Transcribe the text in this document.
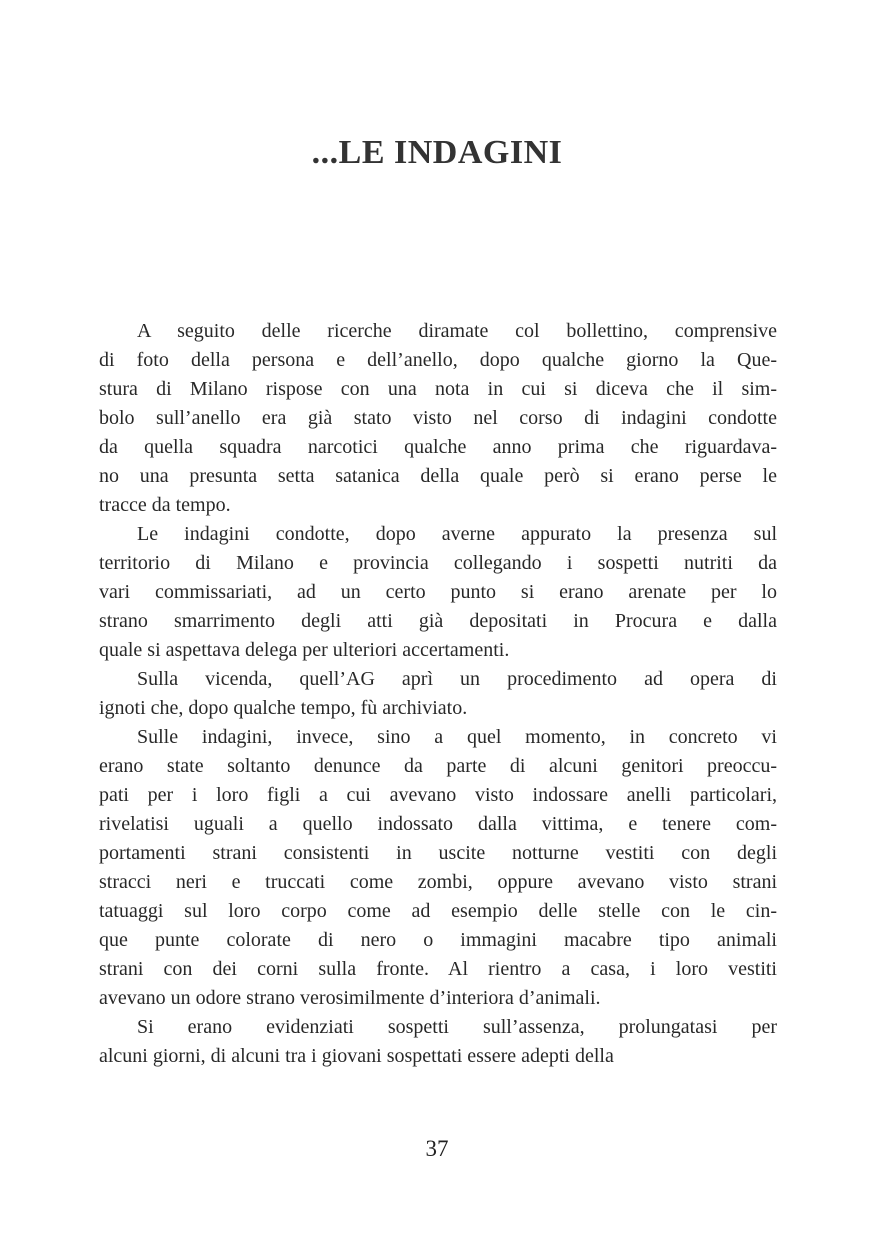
...LE INDAGINI
A seguito delle ricerche diramate col bollettino, comprensive
di foto della persona e dell’anello, dopo qualche giorno la Que-
stura di Milano rispose con una nota in cui si diceva che il sim-
bolo sull’anello era già stato visto nel corso di indagini condotte
da quella squadra narcotici qualche anno prima che riguardava-
no una presunta setta satanica della quale però si erano perse le
tracce da tempo.
Le indagini condotte, dopo averne appurato la presenza sul
territorio di Milano e provincia collegando i sospetti nutriti da
vari commissariati, ad un certo punto si erano arenate per lo
strano smarrimento degli atti già depositati in Procura e dalla
quale si aspettava delega per ulteriori accertamenti.
Sulla vicenda, quell’AG aprì un procedimento ad opera di
ignoti che, dopo qualche tempo, fù archiviato.
Sulle indagini, invece, sino a quel momento, in concreto vi
erano state soltanto denunce da parte di alcuni genitori preoccu-
pati per i loro figli a cui avevano visto indossare anelli particolari,
rivelatisi uguali a quello indossato dalla vittima, e tenere com-
portamenti strani consistenti in uscite notturne vestiti con degli
stracci neri e truccati come zombi, oppure avevano visto strani
tatuaggi sul loro corpo come ad esempio delle stelle con le cin-
que punte colorate di nero o immagini macabre tipo animali
strani con dei corni sulla fronte. Al rientro a casa, i loro vestiti
avevano un odore strano verosimilmente d’interiora d’animali.
Si erano evidenziati sospetti sull’assenza, prolungatasi per
alcuni giorni, di alcuni tra i giovani sospettati essere adepti della
37
